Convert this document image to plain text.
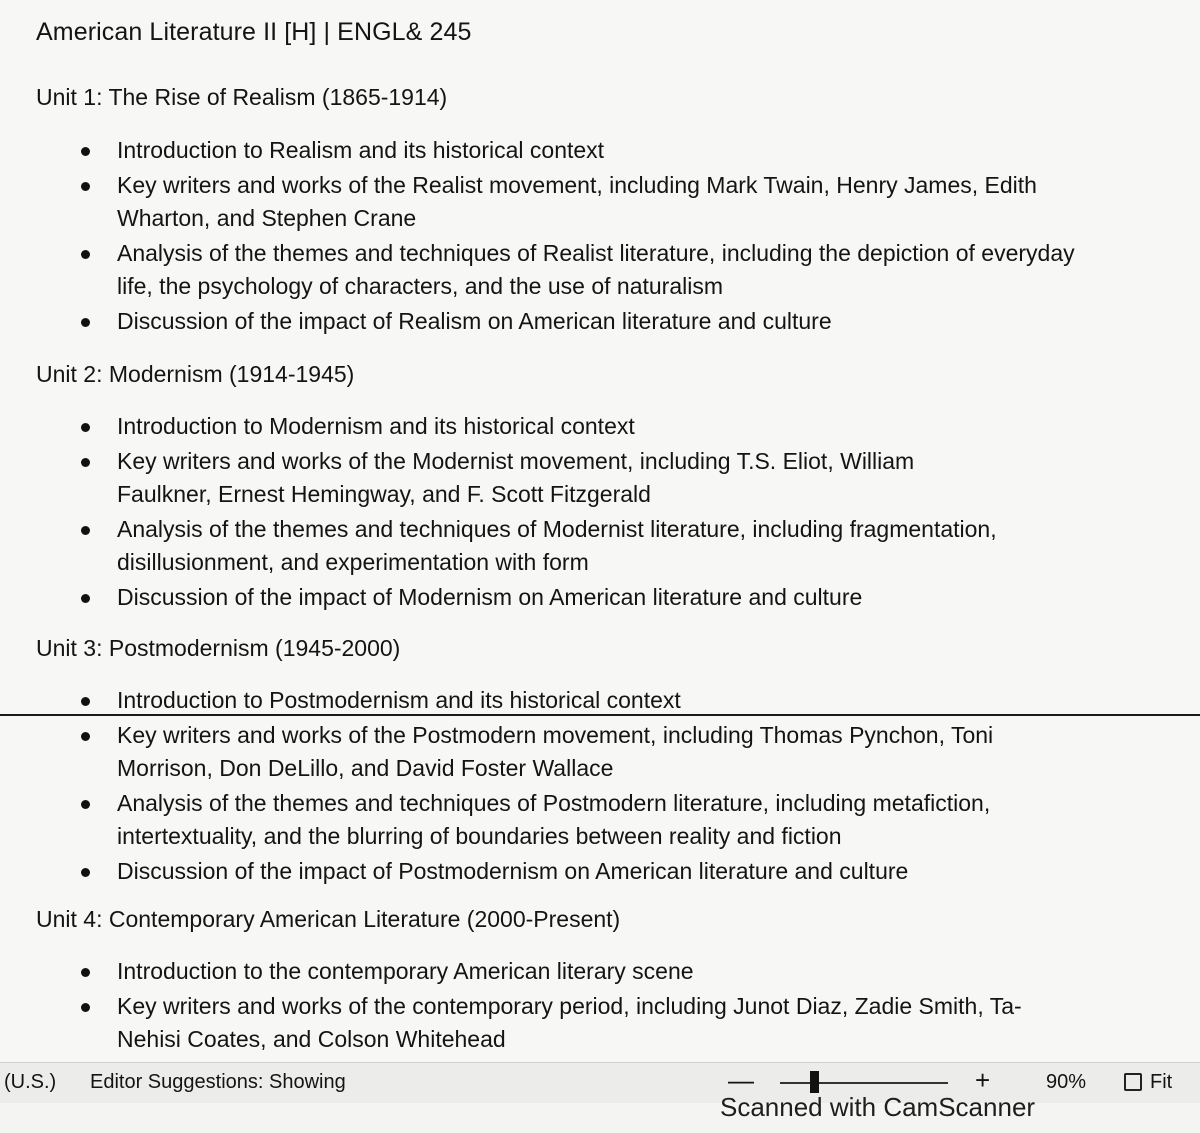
American Literature II [H] | ENGL& 245
Unit 1: The Rise of Realism (1865-1914)
Introduction to Realism and its historical context
Key writers and works of the Realist movement, including Mark Twain, Henry James, Edith Wharton, and Stephen Crane
Analysis of the themes and techniques of Realist literature, including the depiction of everyday life, the psychology of characters, and the use of naturalism
Discussion of the impact of Realism on American literature and culture
Unit 2: Modernism (1914-1945)
Introduction to Modernism and its historical context
Key writers and works of the Modernist movement, including T.S. Eliot, William Faulkner, Ernest Hemingway, and F. Scott Fitzgerald
Analysis of the themes and techniques of Modernist literature, including fragmentation, disillusionment, and experimentation with form
Discussion of the impact of Modernism on American literature and culture
Unit 3: Postmodernism (1945-2000)
Introduction to Postmodernism and its historical context
Key writers and works of the Postmodern movement, including Thomas Pynchon, Toni Morrison, Don DeLillo, and David Foster Wallace
Analysis of the themes and techniques of Postmodern literature, including metafiction, intertextuality, and the blurring of boundaries between reality and fiction
Discussion of the impact of Postmodernism on American literature and culture
Unit 4: Contemporary American Literature (2000-Present)
Introduction to the contemporary American literary scene
Key writers and works of the contemporary period, including Junot Diaz, Zadie Smith, Ta-Nehisi Coates, and Colson Whitehead
(U.S.) Editor Suggestions: Showing	—	+	90%	Fit
Scanned with CamScanner
